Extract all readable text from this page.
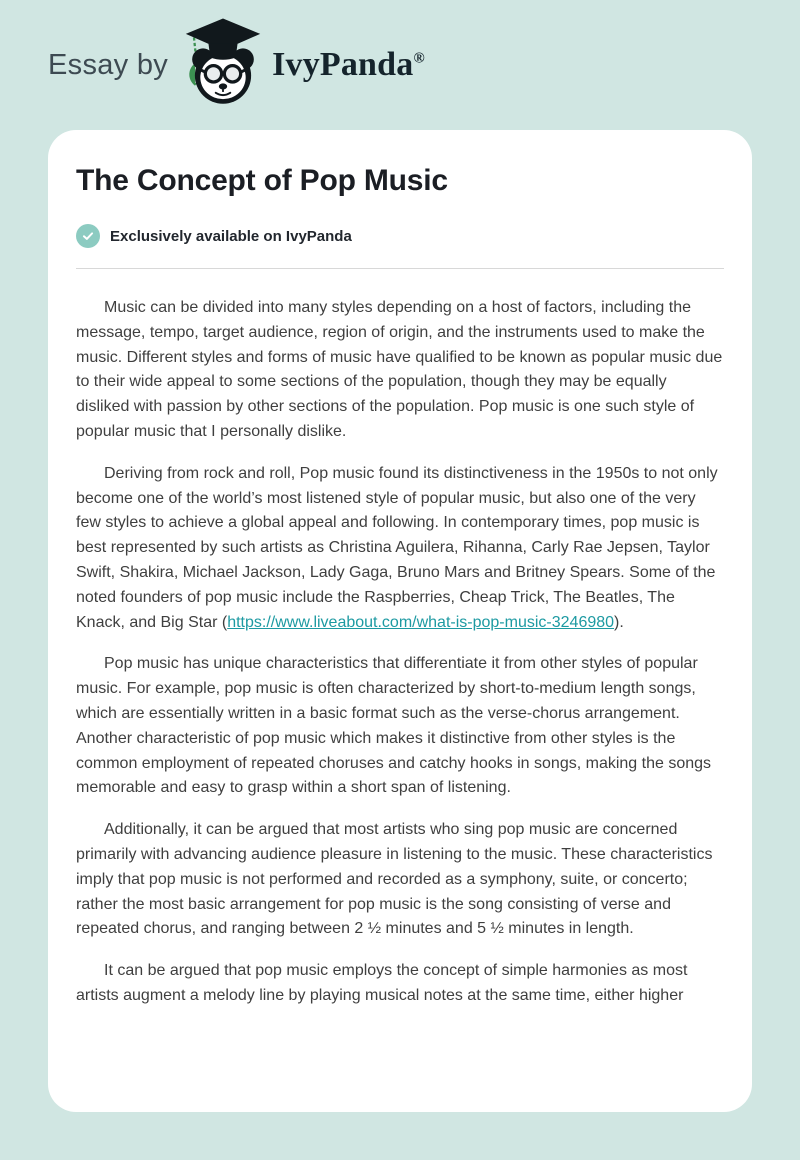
Essay by	IvyPanda®
The Concept of Pop Music
Exclusively available on IvyPanda

Music can be divided into many styles depending on a host of factors, including the message, tempo, target audience, region of origin, and the instruments used to make the music. Different styles and forms of music have qualified to be known as popular music due to their wide appeal to some sections of the population, though they may be equally disliked with passion by other sections of the population. Pop music is one such style of popular music that I personally dislike.

Deriving from rock and roll, Pop music found its distinctiveness in the 1950s to not only become one of the world’s most listened style of popular music, but also one of the very few styles to achieve a global appeal and following. In contemporary times, pop music is best represented by such artists as Christina Aguilera, Rihanna, Carly Rae Jepsen, Taylor Swift, Shakira, Michael Jackson, Lady Gaga, Bruno Mars and Britney Spears. Some of the noted founders of pop music include the Raspberries, Cheap Trick, The Beatles, The Knack, and Big Star (https://www.liveabout.com/what-is-pop-music-3246980).

Pop music has unique characteristics that differentiate it from other styles of popular music. For example, pop music is often characterized by short-to-medium length songs, which are essentially written in a basic format such as the verse-chorus arrangement. Another characteristic of pop music which makes it distinctive from other styles is the common employment of repeated choruses and catchy hooks in songs, making the songs memorable and easy to grasp within a short span of listening.

Additionally, it can be argued that most artists who sing pop music are concerned primarily with advancing audience pleasure in listening to the music. These characteristics imply that pop music is not performed and recorded as a symphony, suite, or concerto; rather the most basic arrangement for pop music is the song consisting of verse and repeated chorus, and ranging between 2 ½ minutes and 5 ½ minutes in length.

It can be argued that pop music employs the concept of simple harmonies as most artists augment a melody line by playing musical notes at the same time, either higher
